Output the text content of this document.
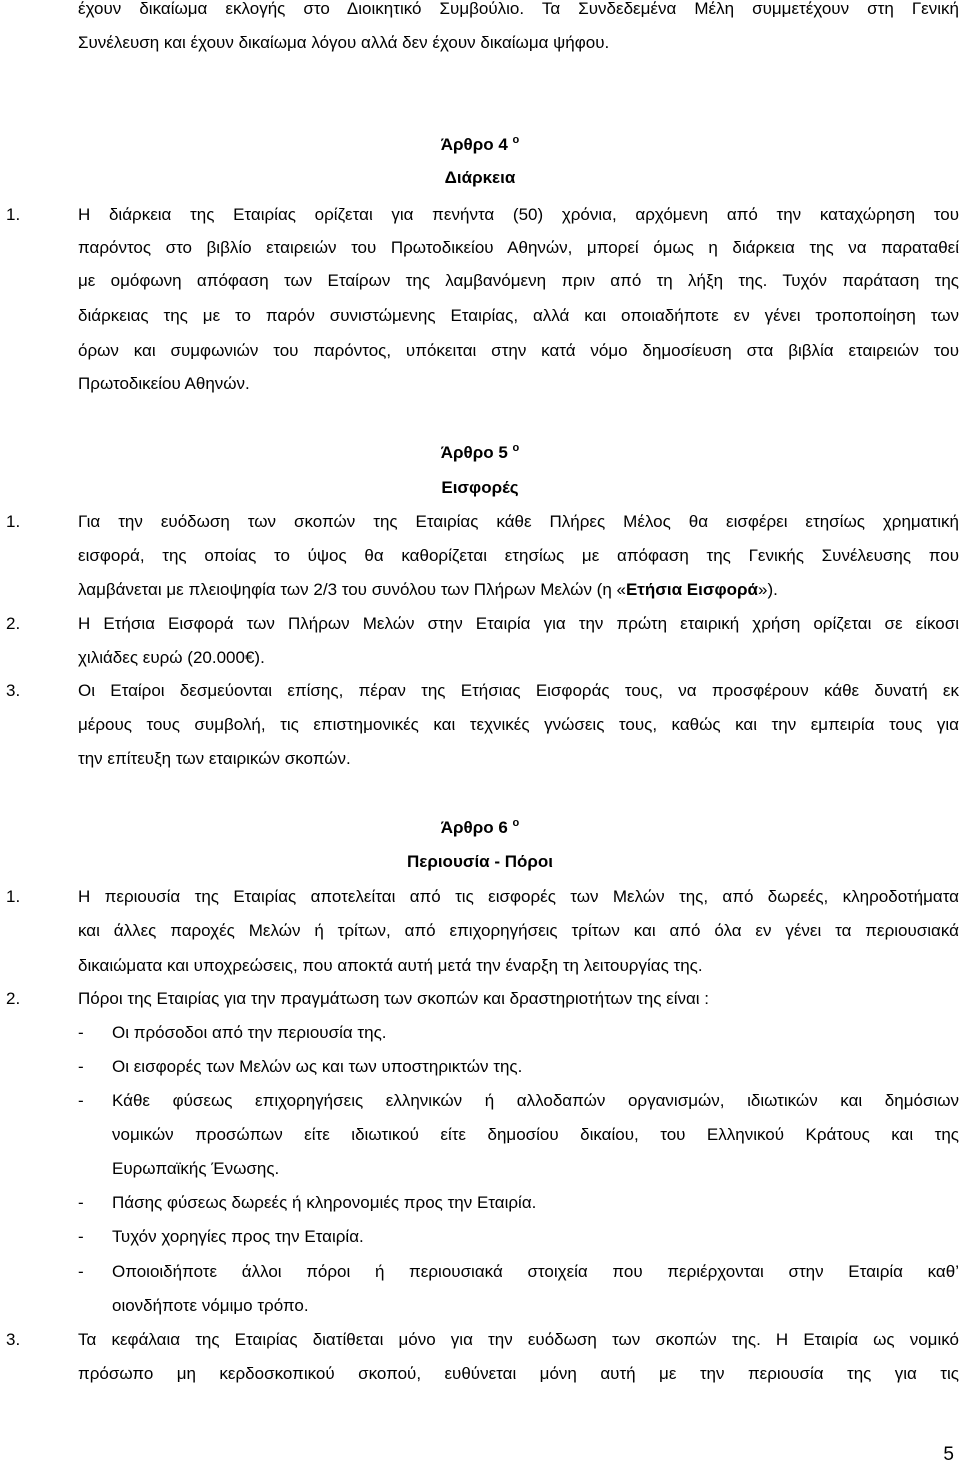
έχουν δικαίωμα εκλογής στο Διοικητικό Συμβούλιο. Τα Συνδεδεμένα Μέλη συμμετέχουν στη Γενική
Συνέλευση και έχουν δικαίωμα λόγου αλλά δεν έχουν δικαίωμα ψήφου.
Άρθρο 4 $^o$
Διάρκεια
1.	Η διάρκεια της Εταιρίας ορίζεται για πενήντα (50) χρόνια, αρχόμενη από την καταχώρηση του
παρόντος στο βιβλίο εταιρειών του Πρωτοδικείου Αθηνών, μπορεί όμως η διάρκεια της να παραταθεί
με ομόφωνη απόφαση των Εταίρων της λαμβανόμενη πριν από τη λήξη της. Τυχόν παράταση της
διάρκειας της με το παρόν συνιστώμενης Εταιρίας, αλλά και οποιαδήποτε εν γένει τροποποίηση των
όρων και συμφωνιών του παρόντος, υπόκειται στην κατά νόμο δημοσίευση στα βιβλία εταιρειών του
Πρωτοδικείου Αθηνών.
Άρθρο 5 $^o$
Εισφορές
1.	Για την ευόδωση των σκοπών της Εταιρίας κάθε Πλήρες Μέλος θα εισφέρει ετησίως χρηματική
εισφορά, της οποίας το ύψος θα καθορίζεται ετησίως με απόφαση της Γενικής Συνέλευσης που
λαμβάνεται με πλειοψηφία των 2/3 του συνόλου των Πλήρων Μελών (η «Ετήσια Εισφορά»).
2.	Η Ετήσια Εισφορά των Πλήρων Μελών στην Εταιρία για την πρώτη εταιρική χρήση ορίζεται σε είκοσι
χιλιάδες ευρώ (20.000€).
3.	Οι Εταίροι δεσμεύονται επίσης, πέραν της Ετήσιας Εισφοράς τους, να προσφέρουν κάθε δυνατή εκ
μέρους τους συμβολή, τις επιστημονικές και τεχνικές γνώσεις τους, καθώς και την εμπειρία τους για
την επίτευξη των εταιρικών σκοπών.
Άρθρο 6 $^o$
Περιουσία - Πόροι
1.	Η περιουσία της Εταιρίας αποτελείται από τις εισφορές των Μελών της, από δωρεές, κληροδοτήματα
και άλλες παροχές Μελών ή τρίτων, από επιχορηγήσεις τρίτων και από όλα εν γένει τα περιουσιακά
δικαιώματα και υποχρεώσεις, που αποκτά αυτή μετά την έναρξη τη λειτουργίας της.
2.	Πόροι της Εταιρίας για την πραγμάτωση των σκοπών και δραστηριοτήτων της είναι :
- Οι πρόσοδοι από την περιουσία της.
- Οι εισφορές των Μελών ως και των υποστηρικτών της.
- Κάθε φύσεως επιχορηγήσεις ελληνικών ή αλλοδαπών οργανισμών, ιδιωτικών και δημόσιων
νομικών προσώπων είτε ιδιωτικού είτε δημοσίου δικαίου, του Ελληνικού Κράτους και της
Ευρωπαϊκής Ένωσης.
- Πάσης φύσεως δωρεές ή κληρονομιές προς την Εταιρία.
- Τυχόν χορηγίες προς την Εταιρία.
- Οποιοιδήποτε άλλοι πόροι ή περιουσιακά στοιχεία που περιέρχονται στην Εταιρία καθ’
οιονδήποτε νόμιμο τρόπο.
3.	Τα κεφάλαια της Εταιρίας διατίθεται μόνο για την ευόδωση των σκοπών της. Η Εταιρία ως νομικό
πρόσωπο μη κερδοσκοπικού σκοπού, ευθύνεται μόνη αυτή με την περιουσία της για τις
5
